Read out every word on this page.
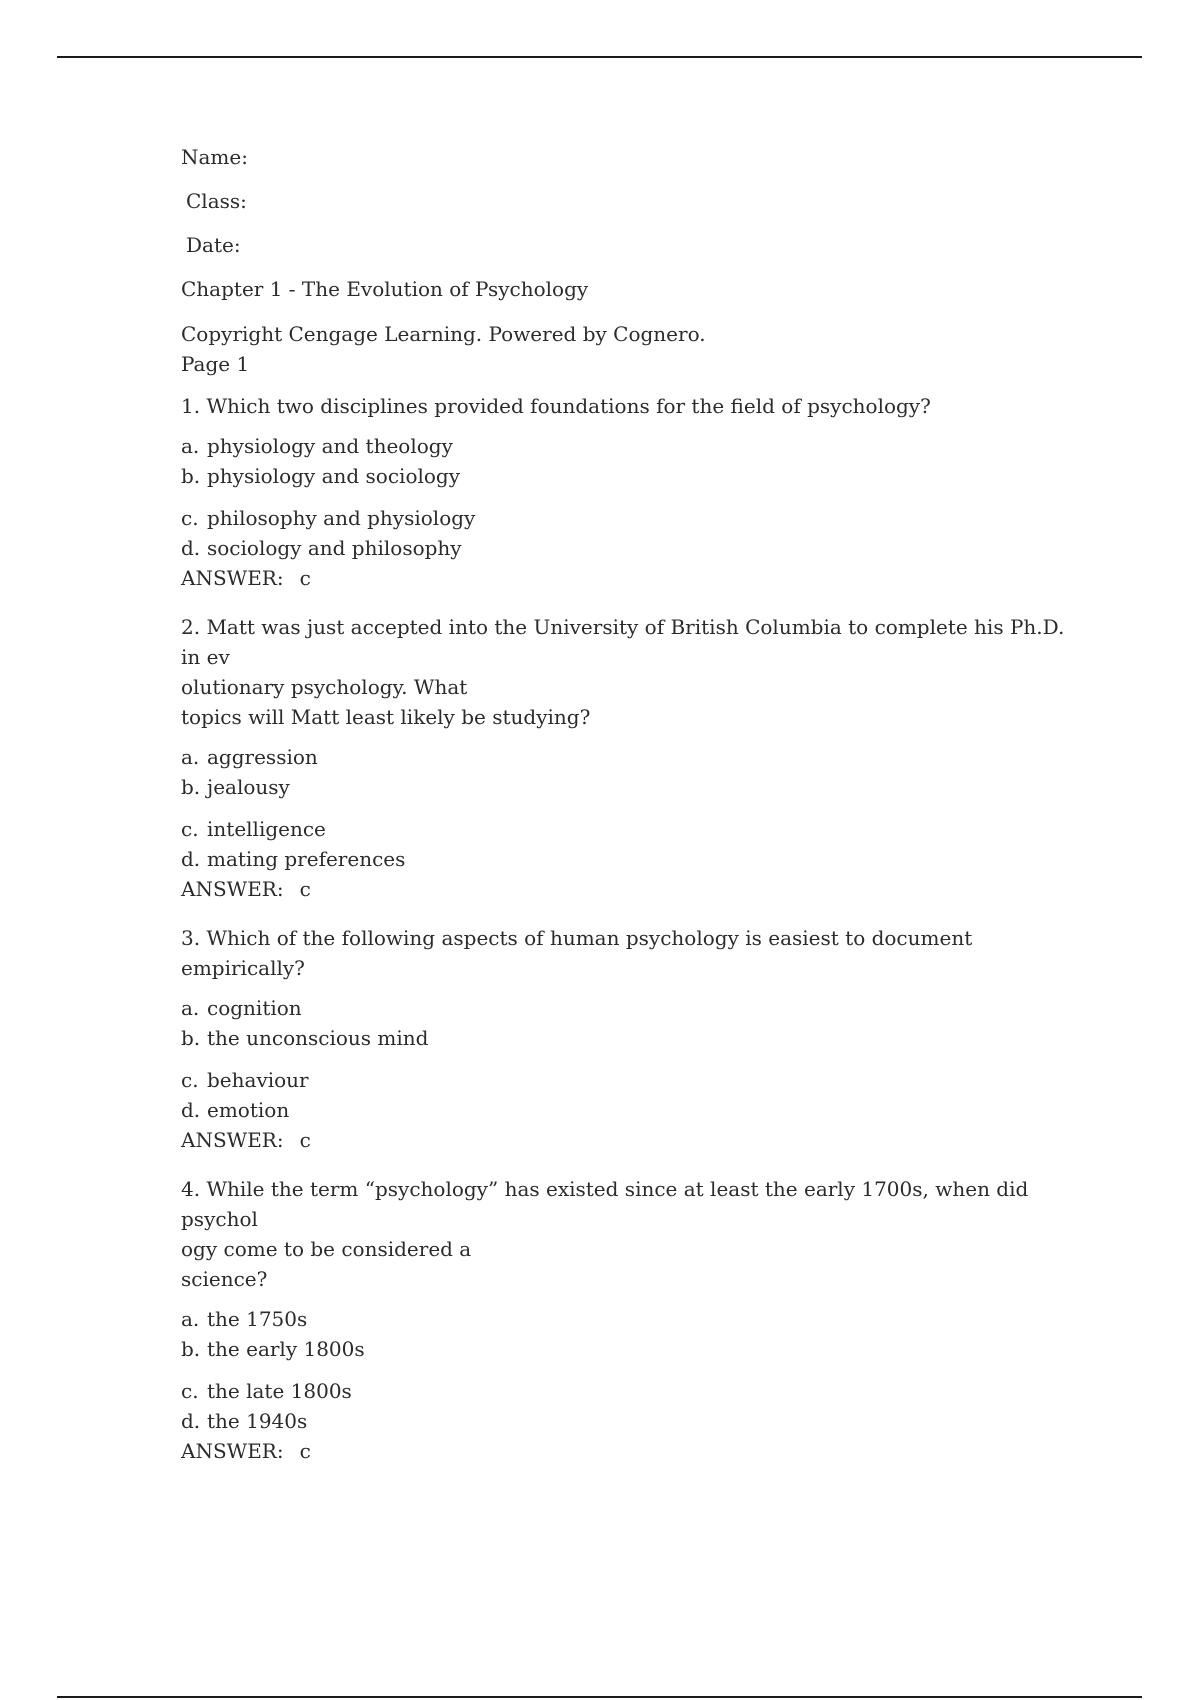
Name:
Class:
Date:
Chapter 1 - The Evolution of Psychology
Copyright Cengage Learning. Powered by Cognero.
Page 1
1. Which two disciplines provided foundations for the field of psychology?
a. physiology and theology
b. physiology and sociology
c. philosophy and physiology
d. sociology and philosophy
ANSWER: c
2. Matt was just accepted into the University of British Columbia to complete his Ph.D. in ev
olutionary psychology. What
topics will Matt least likely be studying?
a. aggression
b. jealousy
c. intelligence
d. mating preferences
ANSWER: c
3. Which of the following aspects of human psychology is easiest to document empirically?
a. cognition
b. the unconscious mind
c. behaviour
d. emotion
ANSWER: c
4. While the term “psychology” has existed since at least the early 1700s, when did psychol
ogy come to be considered a
science?
a. the 1750s
b. the early 1800s
c. the late 1800s
d. the 1940s
ANSWER: c
